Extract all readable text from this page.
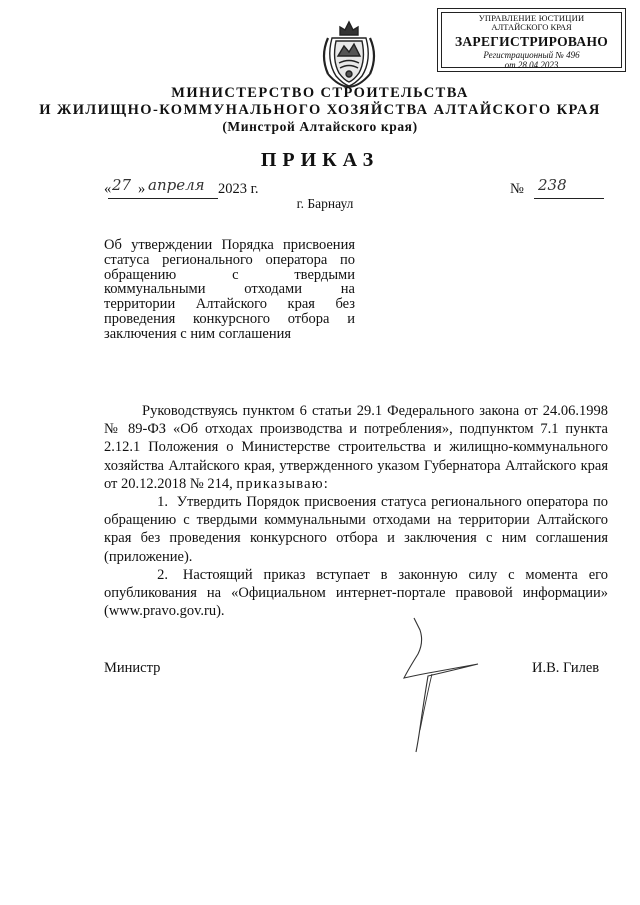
УПРАВЛЕНИЕ ЮСТИЦИИ
АЛТАЙСКОГО КРАЯ
ЗАРЕГИСТРИРОВАНО
Регистрационный № 496
от 28.04.2023
МИНИСТЕРСТВО СТРОИТЕЛЬСТВА
И ЖИЛИЩНО-КОММУНАЛЬНОГО ХОЗЯЙСТВА АЛТАЙСКОГО КРАЯ
(Минстрой Алтайского края)
ПРИКАЗ
« 27 » апреля 2023 г.	№ 238
г. Барнаул
Об утверждении Порядка присвоения статуса регионального оператора по обращению с твердыми коммунальными отходами на территории Алтайского края без проведения конкурсного отбора и заключения с ним соглашения

Руководствуясь пунктом 6 статьи 29.1 Федерального закона от 24.06.1998 № 89-ФЗ «Об отходах производства и потребления», подпунктом 7.1 пункта 2.12.1 Положения о Министерстве строительства и жилищно-коммунального хозяйства Алтайского края, утвержденного указом Губернатора Алтайского края от 20.12.2018 № 214, приказываю:

1. Утвердить Порядок присвоения статуса регионального оператора по обращению с твердыми коммунальными отходами на территории Алтайского края без проведения конкурсного отбора и заключения с ним соглашения (приложение).

2. Настоящий приказ вступает в законную силу с момента его опубликования на «Официальном интернет-портале правовой информации» (www.pravo.gov.ru).

Министр	И.В. Гилев
